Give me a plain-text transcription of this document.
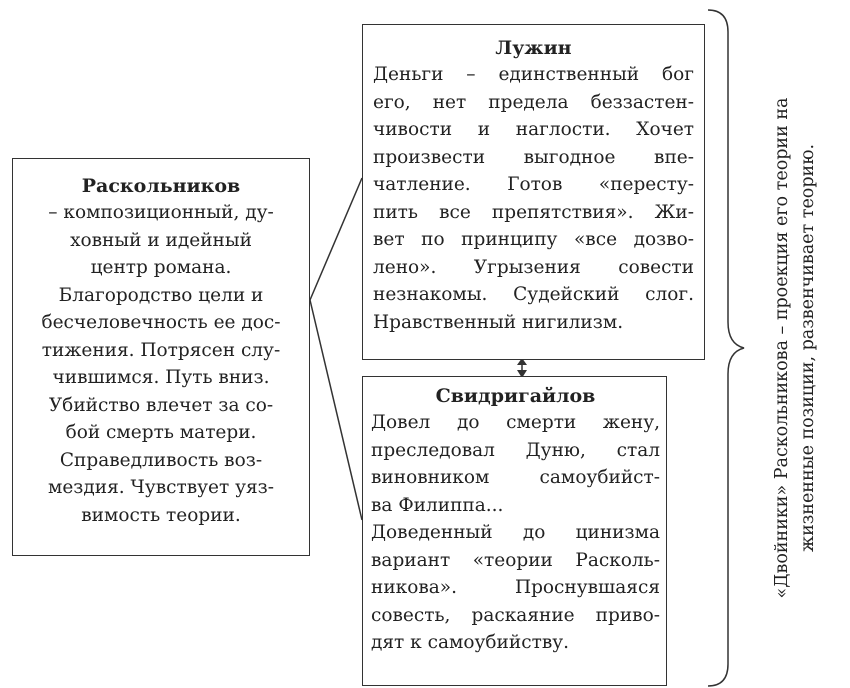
Раскольников
– композиционный, ду-
ховный и идейный
центр романа.
Благородство цели и
бесчеловечность ее дос-
тижения. Потрясен слу-
чившимся. Путь вниз.
Убийство влечет за со-
бой смерть матери.
Справедливость воз-
мездия. Чувствует уяз-
вимость теории.
Лужин
Деньги – единственный бог
его, нет предела беззастен-
чивости и наглости. Хочет
произвести выгодное впе-
чатление. Готов «пересту-
пить все препятствия». Жи-
вет по принципу «все дозво-
лено». Угрызения совести
незнакомы. Судейский слог.
Нравственный нигилизм.
Свидригайлов
Довел до смерти жену,
преследовал Дуню, стал
виновником самоубийст-
ва Филиппа...
Доведенный до цинизма
вариант «теории Расколь-
никова». Проснувшаяся
совесть, раскаяние приво-
дят к самоубийству.
«Двойники» Раскольникова – проекция его теории на жизненные позиции, развенчивает теорию.
